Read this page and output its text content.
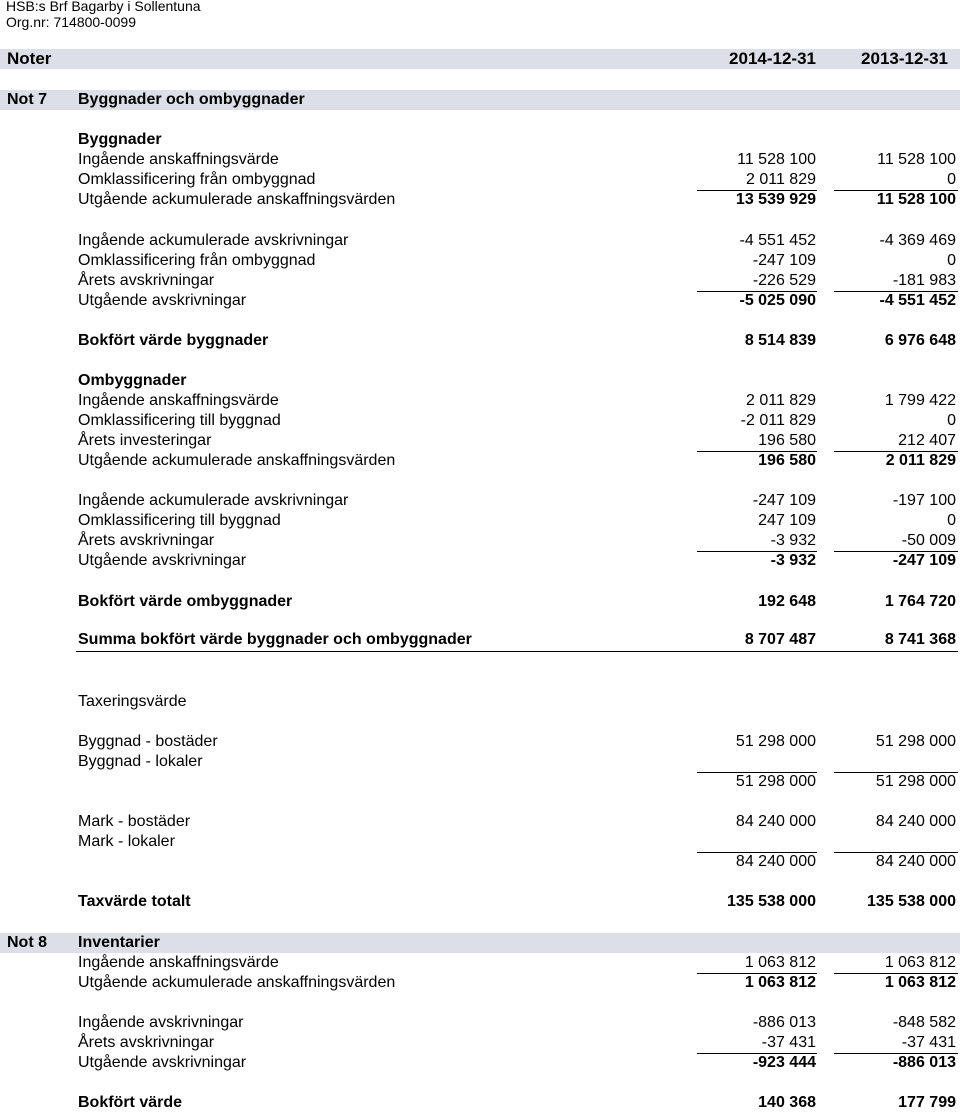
HSB:s Brf Bagarby i Sollentuna
Org.nr: 714800-0099
Noter	2014-12-31	2013-12-31
Not 7 Byggnader och ombyggnader
Byggnader
Ingående anskaffningsvärde	11 528 100	11 528 100
Omklassificering från ombyggnad	2 011 829	0
Utgående ackumulerade anskaffningsvärden	13 539 929	11 528 100
Ingående ackumulerade avskrivningar	-4 551 452	-4 369 469
Omklassificering från ombyggnad	-247 109	0
Årets avskrivningar	-226 529	-181 983
Utgående avskrivningar	-5 025 090	-4 551 452
Bokfört värde byggnader	8 514 839	6 976 648
Ombyggnader
Ingående anskaffningsvärde	2 011 829	1 799 422
Omklassificering till byggnad	-2 011 829	0
Årets investeringar	196 580	212 407
Utgående ackumulerade anskaffningsvärden	196 580	2 011 829
Ingående ackumulerade avskrivningar	-247 109	-197 100
Omklassificering till byggnad	247 109	0
Årets avskrivningar	-3 932	-50 009
Utgående avskrivningar	-3 932	-247 109
Bokfört värde ombyggnader	192 648	1 764 720
Summa bokfört värde byggnader och ombyggnader	8 707 487	8 741 368
Taxeringsvärde
Byggnad - bostäder	51 298 000	51 298 000
Byggnad - lokaler
51 298 000	51 298 000
Mark - bostäder	84 240 000	84 240 000
Mark - lokaler
84 240 000	84 240 000
Taxvärde totalt	135 538 000	135 538 000
Not 8 Inventarier
Ingående anskaffningsvärde	1 063 812	1 063 812
Utgående ackumulerade anskaffningsvärden	1 063 812	1 063 812
Ingående avskrivningar	-886 013	-848 582
Årets avskrivningar	-37 431	-37 431
Utgående avskrivningar	-923 444	-886 013
Bokfört värde	140 368	177 799
